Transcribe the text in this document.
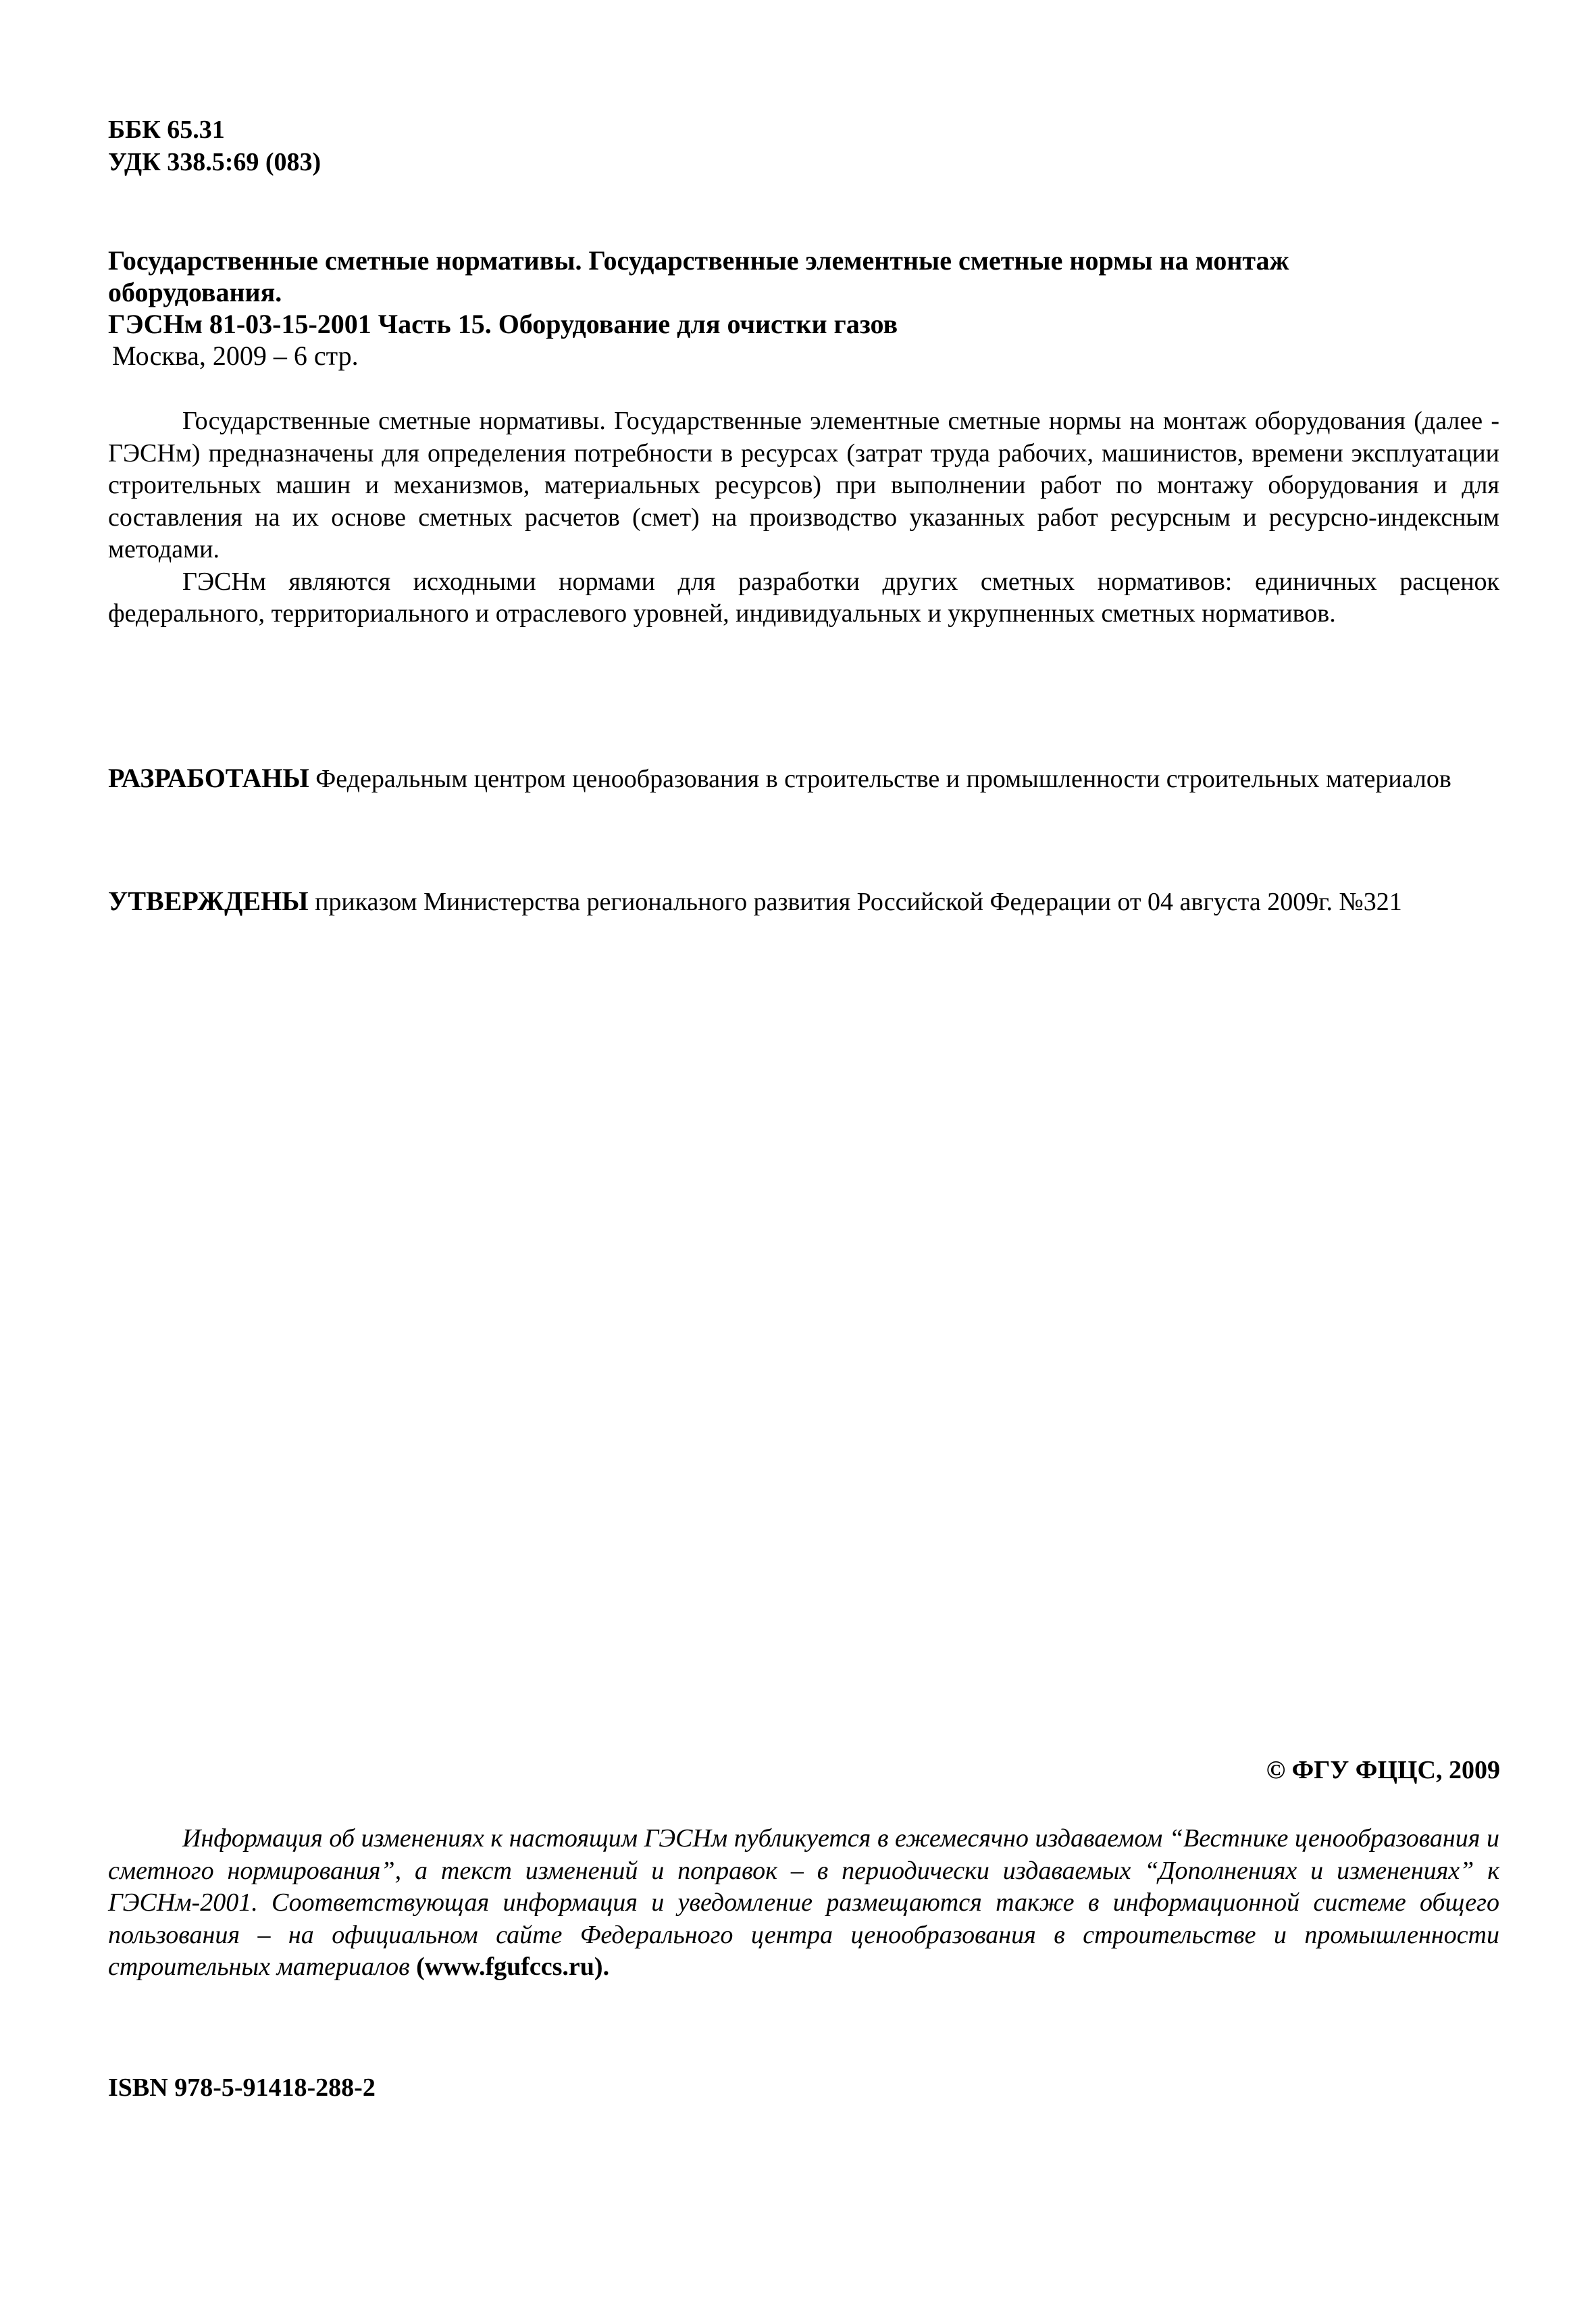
ББК 65.31
УДК 338.5:69 (083)
Государственные сметные нормативы. Государственные элементные сметные нормы на монтаж
оборудования.
ГЭСНм 81-03-15-2001 Часть 15. Оборудование для очистки газов
Москва, 2009 – 6 стр.

Государственные сметные нормативы. Государственные элементные сметные нормы на монтаж оборудования (далее - ГЭСНм) предназначены для определения потребности в ресурсах (затрат труда рабочих, машинистов, времени эксплуатации строительных машин и механизмов, материальных ресурсов) при выполнении работ по монтажу оборудования и для составления на их основе сметных расчетов (смет) на производство указанных работ ресурсным и ресурсно-индексным методами.

ГЭСНм являются исходными нормами для разработки других сметных нормативов: единичных расценок федерального, территориального и отраслевого уровней, индивидуальных и укрупненных сметных нормативов.

РАЗРАБОТАНЫ Федеральным центром ценообразования в строительстве и промышленности строительных материалов
УТВЕРЖДЕНЫ приказом Министерства регионального развития Российской Федерации от 04 августа 2009г. №321
© ФГУ ФЦЦС, 2009

Информация об изменениях к настоящим ГЭСНм публикуется в ежемесячно издаваемом “Вестнике ценообразования и сметного нормирования”, а текст изменений и поправок – в периодически издаваемых “Дополнениях и изменениях” к ГЭСНм-2001. Соответствующая информация и уведомление размещаются также в информационной системе общего пользования – на официальном сайте Федерального центра ценообразования в строительстве и промышленности строительных материалов (www.fgufccs.ru).

ISBN 978-5-91418-288-2
